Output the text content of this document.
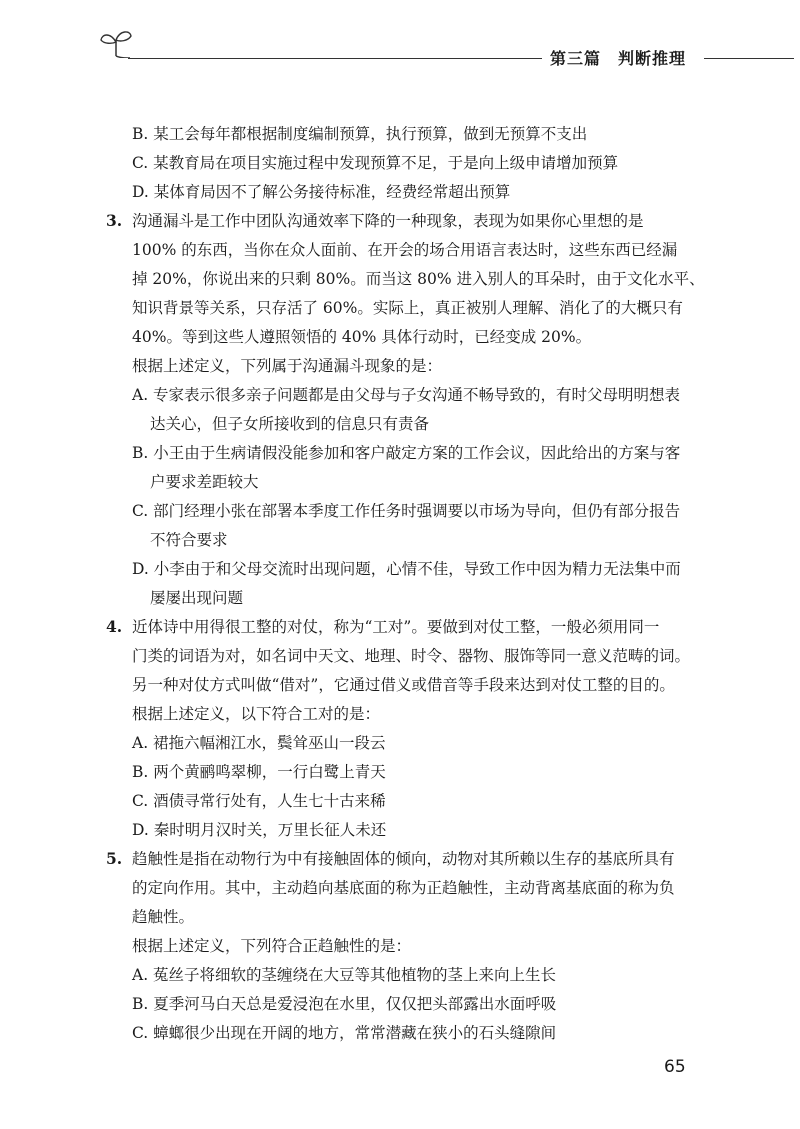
第三篇　判断推理
B. 某工会每年都根据制度编制预算，执行预算，做到无预算不支出
C. 某教育局在项目实施过程中发现预算不足，于是向上级申请增加预算
D. 某体育局因不了解公务接待标准，经费经常超出预算
3. 沟通漏斗是工作中团队沟通效率下降的一种现象，表现为如果你心里想的是
100% 的东西，当你在众人面前、在开会的场合用语言表达时，这些东西已经漏
掉 20%，你说出来的只剩 80%。而当这 80% 进入别人的耳朵时，由于文化水平、
知识背景等关系，只存活了 60%。实际上，真正被别人理解、消化了的大概只有
40%。等到这些人遵照领悟的 40% 具体行动时，已经变成 20%。
根据上述定义，下列属于沟通漏斗现象的是：
A. 专家表示很多亲子问题都是由父母与子女沟通不畅导致的，有时父母明明想表
达关心，但子女所接收到的信息只有责备
B. 小王由于生病请假没能参加和客户敲定方案的工作会议，因此给出的方案与客
户要求差距较大
C. 部门经理小张在部署本季度工作任务时强调要以市场为导向，但仍有部分报告
不符合要求
D. 小李由于和父母交流时出现问题，心情不佳，导致工作中因为精力无法集中而
屡屡出现问题
4. 近体诗中用得很工整的对仗，称为“工对”。要做到对仗工整，一般必须用同一
门类的词语为对，如名词中天文、地理、时令、器物、服饰等同一意义范畴的词。
另一种对仗方式叫做“借对”，它通过借义或借音等手段来达到对仗工整的目的。
根据上述定义，以下符合工对的是：
A. 裙拖六幅湘江水，鬓耸巫山一段云
B. 两个黄鹂鸣翠柳，一行白鹭上青天
C. 酒债寻常行处有，人生七十古来稀
D. 秦时明月汉时关，万里长征人未还
5. 趋触性是指在动物行为中有接触固体的倾向，动物对其所赖以生存的基底所具有
的定向作用。其中，主动趋向基底面的称为正趋触性，主动背离基底面的称为负
趋触性。
根据上述定义，下列符合正趋触性的是：
A. 菟丝子将细软的茎缠绕在大豆等其他植物的茎上来向上生长
B. 夏季河马白天总是爱浸泡在水里，仅仅把头部露出水面呼吸
C. 蟑螂很少出现在开阔的地方，常常潜藏在狭小的石头缝隙间
65
